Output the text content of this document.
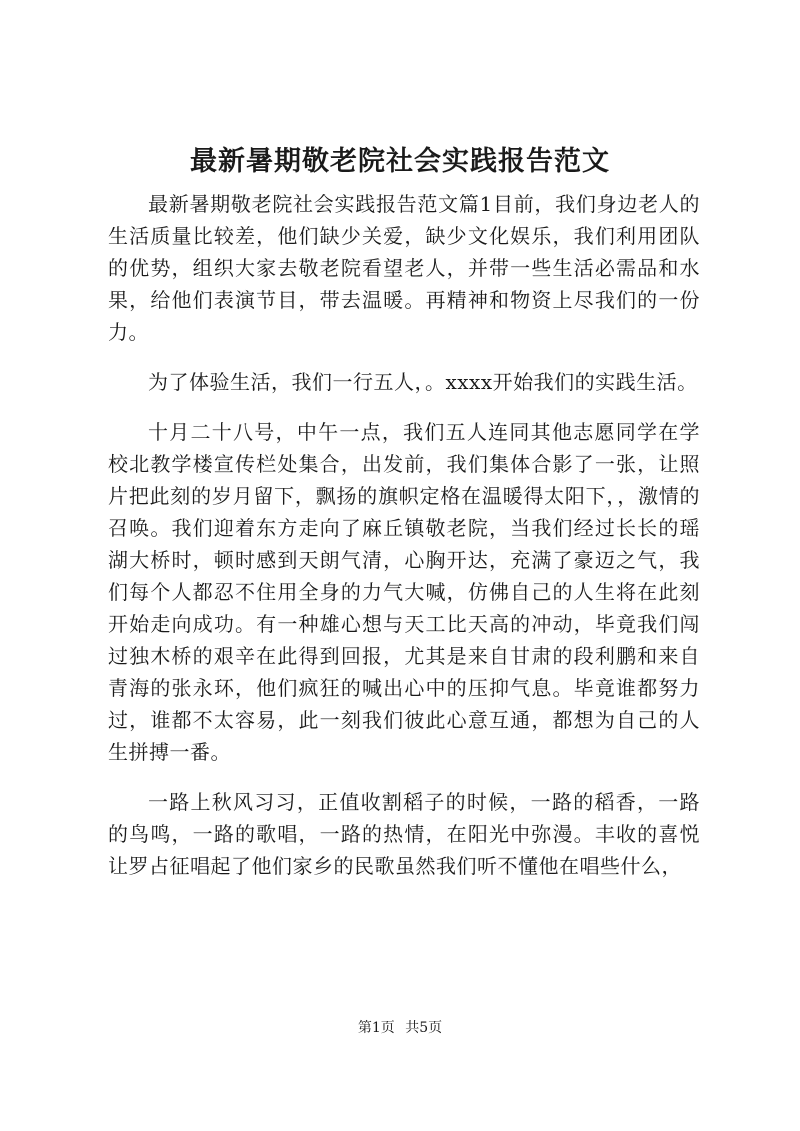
最新暑期敬老院社会实践报告范文

最新暑期敬老院社会实践报告范文篇1目前，我们身边老人的生活质量比较差，他们缺少关爱，缺少文化娱乐，我们利用团队的优势，组织大家去敬老院看望老人，并带一些生活必需品和水果，给他们表演节目，带去温暖。再精神和物资上尽我们的一份力。

为了体验生活，我们一行五人，。xxxx开始我们的实践生活。

十月二十八号，中午一点，我们五人连同其他志愿同学在学校北教学楼宣传栏处集合，出发前，我们集体合影了一张，让照片把此刻的岁月留下，飘扬的旗帜定格在温暖得太阳下，，激情的召唤。我们迎着东方走向了麻丘镇敬老院，当我们经过长长的瑶湖大桥时，顿时感到天朗气清，心胸开达，充满了豪迈之气，我们每个人都忍不住用全身的力气大喊，仿佛自己的人生将在此刻开始走向成功。有一种雄心想与天工比天高的冲动，毕竟我们闯过独木桥的艰辛在此得到回报，尤其是来自甘肃的段利鹏和来自青海的张永环，他们疯狂的喊出心中的压抑气息。毕竟谁都努力过，谁都不太容易，此一刻我们彼此心意互通，都想为自己的人生拼搏一番。

一路上秋风习习，正值收割稻子的时候，一路的稻香，一路的鸟鸣，一路的歌唱，一路的热情，在阳光中弥漫。丰收的喜悦让罗占征唱起了他们家乡的民歌虽然我们听不懂他在唱些什么，

第1页 共5页
